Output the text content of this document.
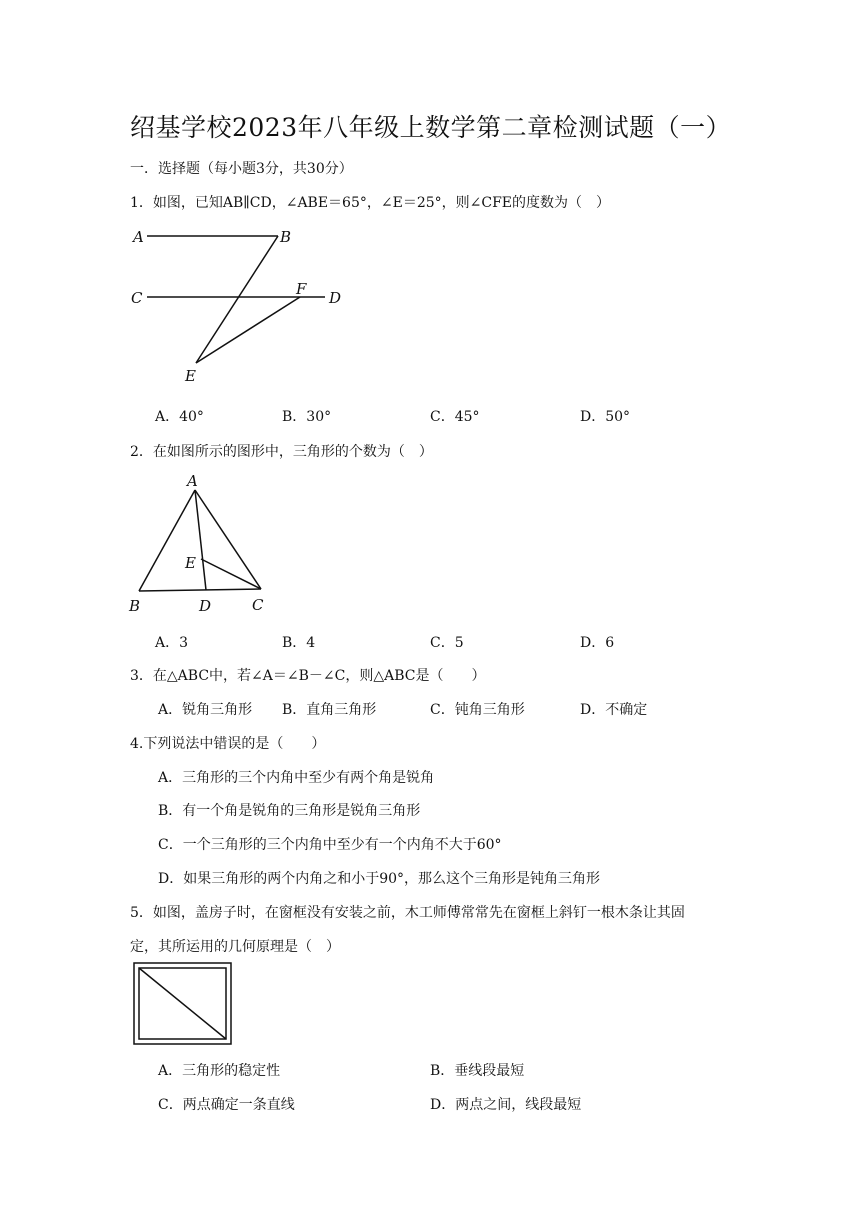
绍基学校2023年八年级上数学第二章检测试题（一）
一．选择题（每小题3分，共30分）
1．如图，已知AB∥CD，∠ABE＝65°，∠E＝25°，则∠CFE的度数为（　）
A	B
C	F D
E
A．40°	B．30°	C．45°	D．50°
2．在如图所示的图形中，三角形的个数为（　）
A
E
B	D	C
A．3	B．4	C．5	D．6
3．在△ABC中，若∠A＝∠B－∠C，则△ABC是（　　）
A．锐角三角形 B．直角三角形	C．钝角三角形	D．不确定
4.下列说法中错误的是（　　）
A．三角形的三个内角中至少有两个角是锐角
B．有一个角是锐角的三角形是锐角三角形
C．一个三角形的三个内角中至少有一个内角不大于60°
D．如果三角形的两个内角之和小于90°，那么这个三角形是钝角三角形
5．如图，盖房子时，在窗框没有安装之前，木工师傅常常先在窗框上斜钉一根木条让其固
定，其所运用的几何原理是（　）
A．三角形的稳定性	B．垂线段最短
C．两点确定一条直线	D．两点之间，线段最短
